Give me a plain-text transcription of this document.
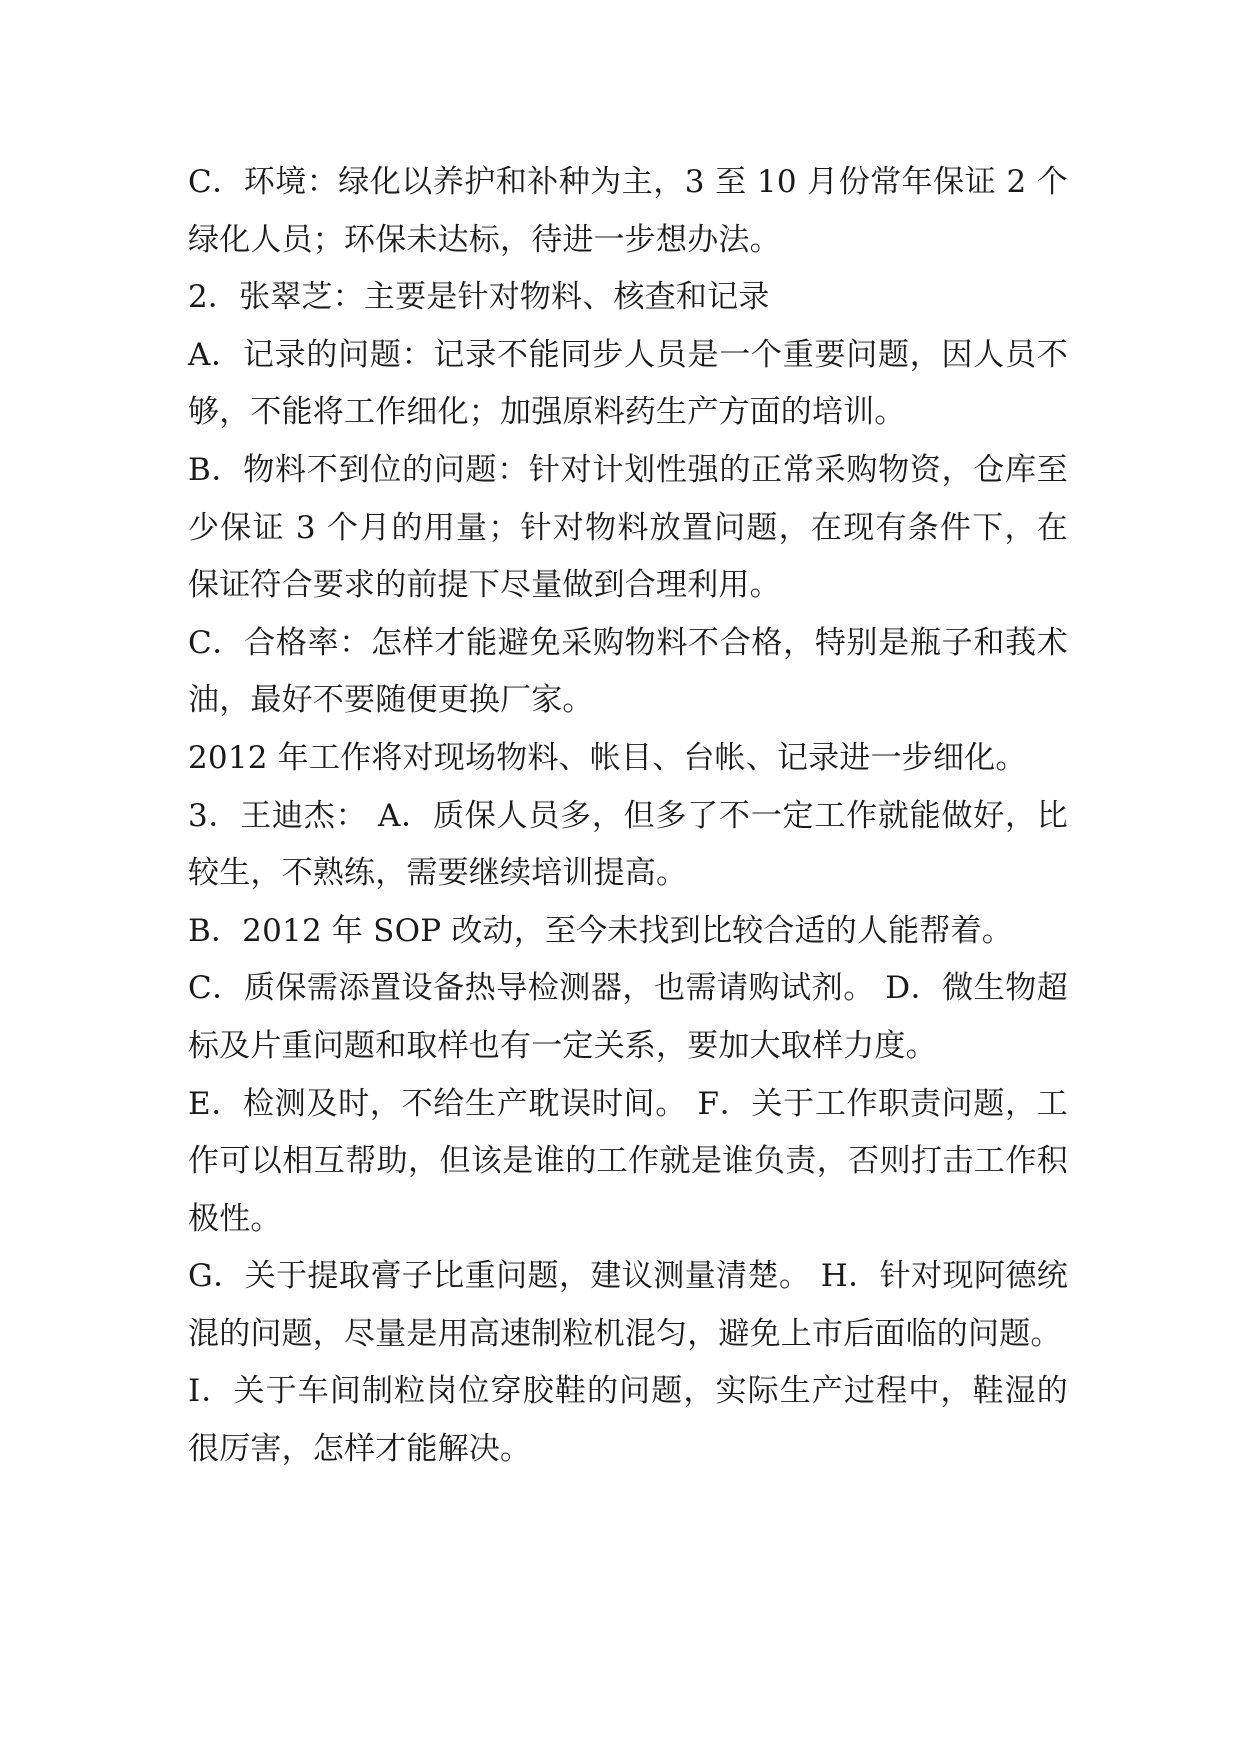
C．环境：绿化以养护和补种为主，3 至 10 月份常年保证 2 个绿化人员；环保未达标，待进一步想办法。

2．张翠芝：主要是针对物料、核查和记录

A．记录的问题：记录不能同步人员是一个重要问题，因人员不够，不能将工作细化；加强原料药生产方面的培训。

B．物料不到位的问题：针对计划性强的正常采购物资，仓库至少保证 3 个月的用量；针对物料放置问题，在现有条件下，在保证符合要求的前提下尽量做到合理利用。

C．合格率：怎样才能避免采购物料不合格，特别是瓶子和莪术油，最好不要随便更换厂家。

2012 年工作将对现场物料、帐目、台帐、记录进一步细化。

3．王迪杰： A．质保人员多，但多了不一定工作就能做好，比较生，不熟练，需要继续培训提高。

B．2012 年 SOP 改动，至今未找到比较合适的人能帮着。

C．质保需添置设备热导检测器，也需请购试剂。 D．微生物超标及片重问题和取样也有一定关系，要加大取样力度。

E．检测及时，不给生产耽误时间。 F．关于工作职责问题，工作可以相互帮助，但该是谁的工作就是谁负责，否则打击工作积极性。

G．关于提取膏子比重问题，建议测量清楚。 H．针对现阿德统混的问题，尽量是用高速制粒机混匀，避免上市后面临的问题。

I．关于车间制粒岗位穿胶鞋的问题，实际生产过程中，鞋湿的很厉害，怎样才能解决。
